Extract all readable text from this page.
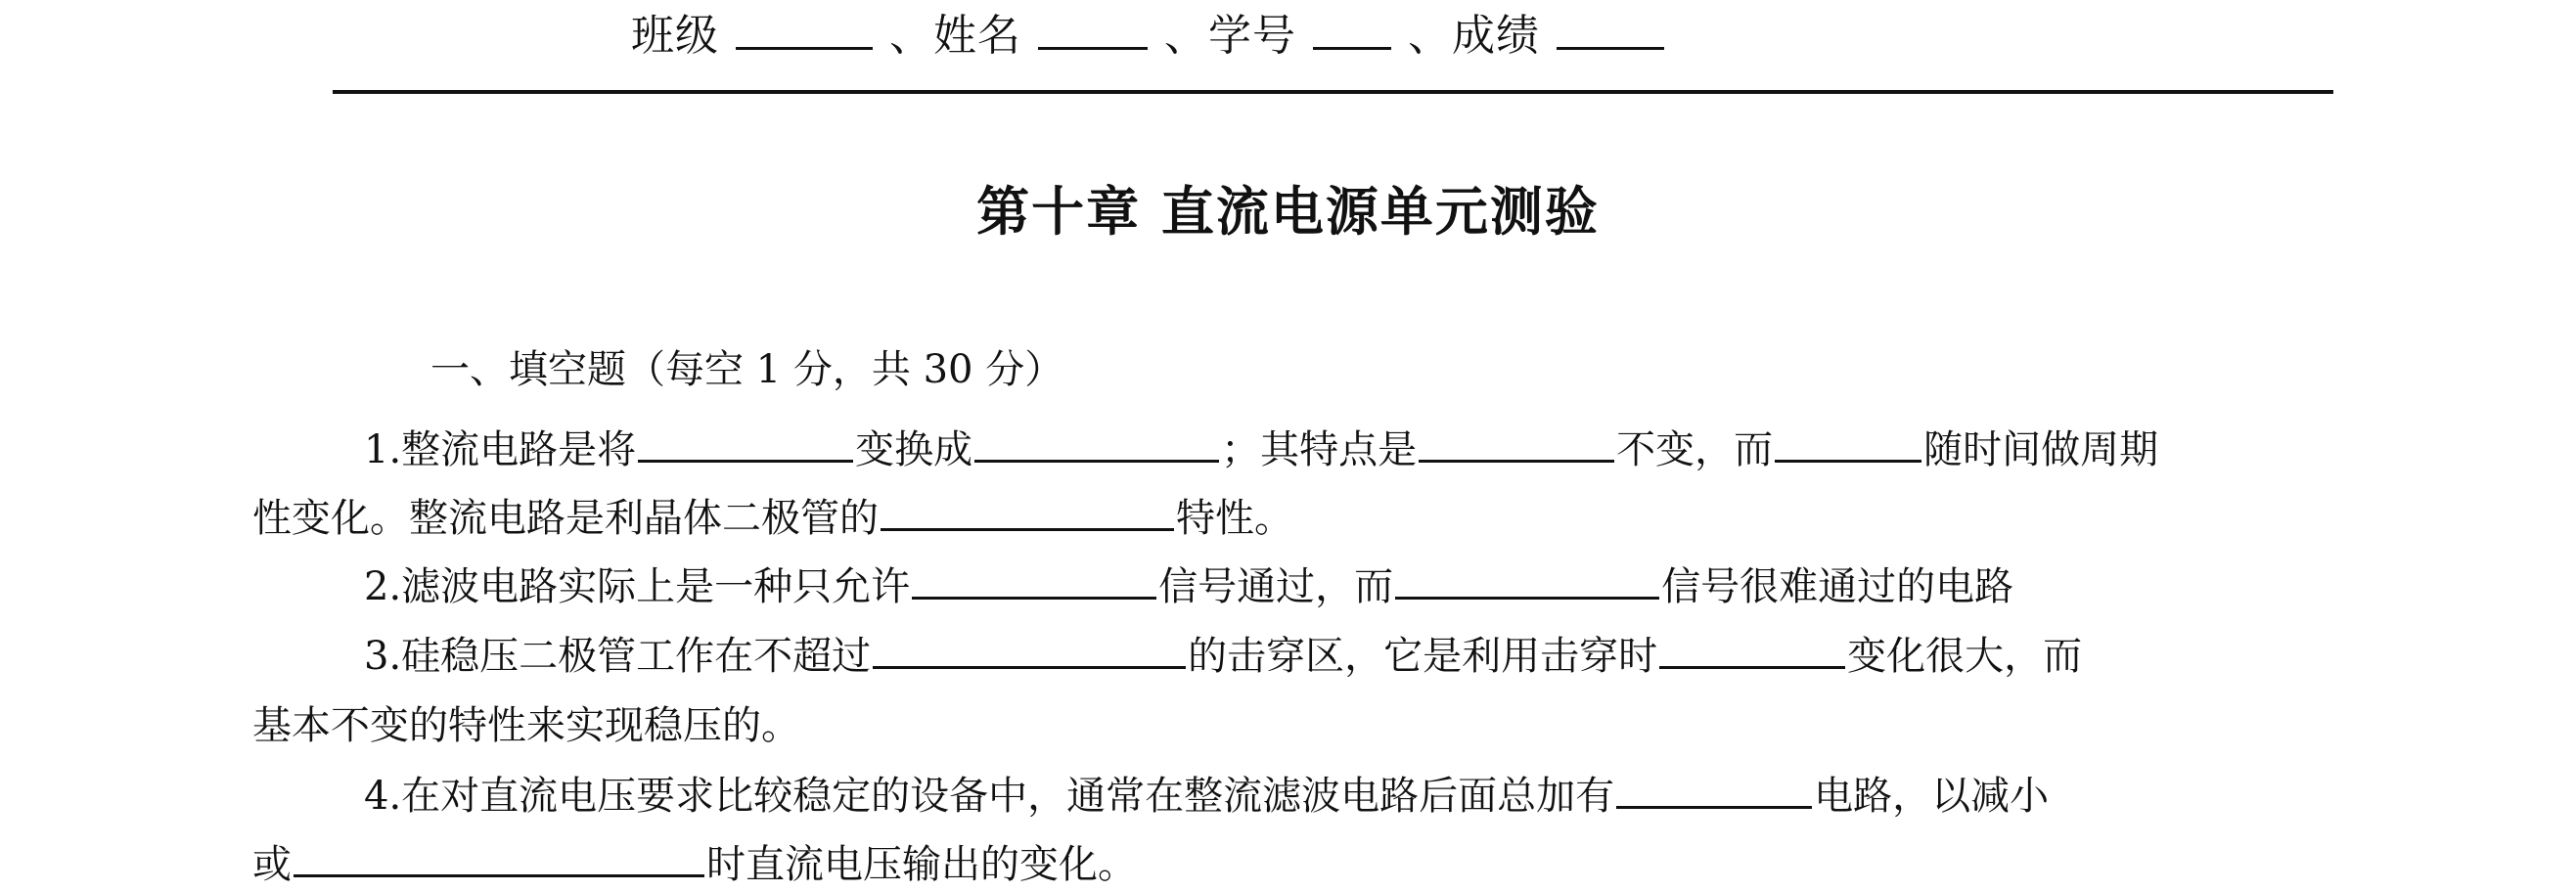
班级	、姓名	、学号	、成绩
第十章 直流电源单元测验
一、填空题（每空 1 分，共 30 分）
1.整流电路是将	变换成	；其特点是	不变，而	随时间做周期
性变化。整流电路是利晶体二极管的	特性。
2.滤波电路实际上是一种只允许	信号通过，而	信号很难通过的电路
3.硅稳压二极管工作在不超过	的击穿区，它是利用击穿时	变化很大，而
基本不变的特性来实现稳压的。
4.在对直流电压要求比较稳定的设备中，通常在整流滤波电路后面总加有	电路，以减小
或	时直流电压输出的变化。
